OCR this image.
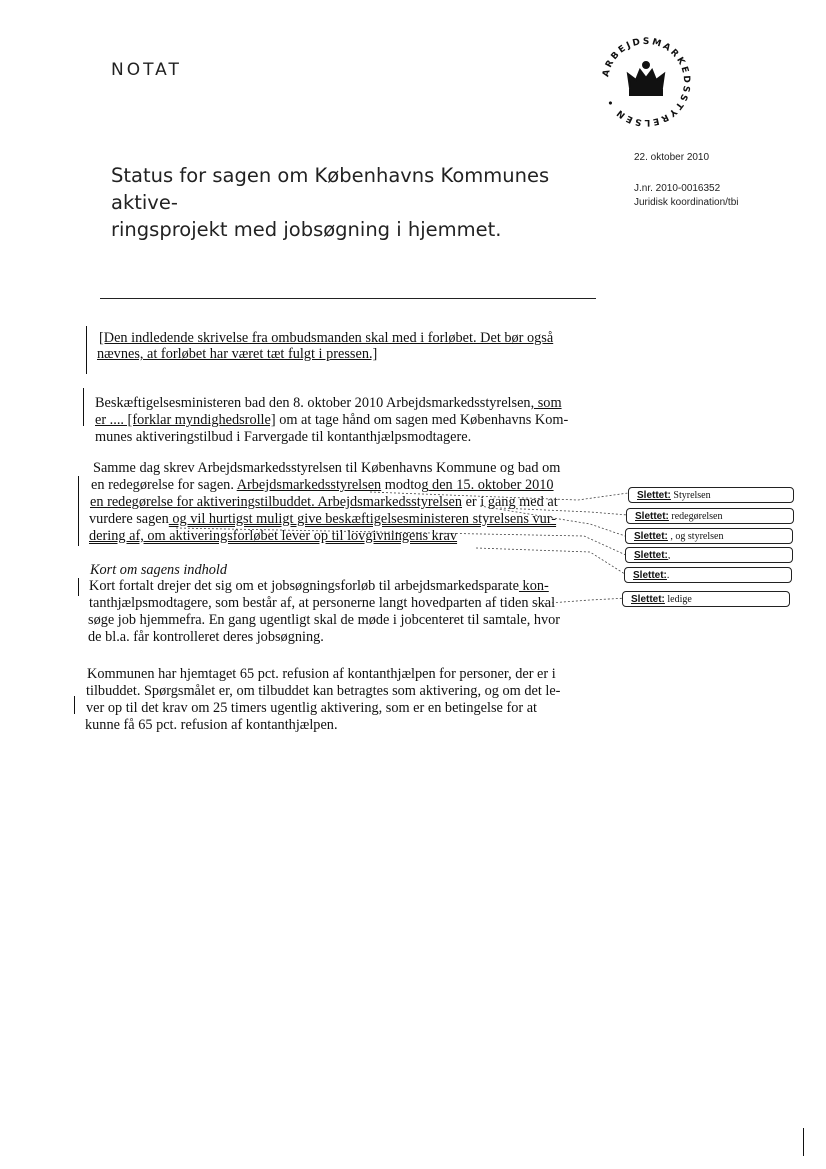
NOTAT	ARBEJDSMARKEDSSTYRELSEN •
22. oktober 2010
J.nr. 2010-0016352
Juridisk koordination/tbi
Status for sagen om Københavns Kommunes aktive-
ringsprojekt med jobsøgning i hjemmet.
[Den indledende skrivelse fra ombudsmanden skal med i forløbet. Det bør også
nævnes, at forløbet har været tæt fulgt i pressen.]
Beskæftigelsesministeren bad den 8. oktober 2010 Arbejdsmarkedsstyrelsen, som
er .... [forklar myndighedsrolle] om at tage hånd om sagen med Københavns Kom-
munes aktiveringstilbud i Farvergade til kontanthjælpsmodtagere.
Samme dag skrev Arbejdsmarkedsstyrelsen til Københavns Kommune og bad om
en redegørelse for sagen. Arbejdsmarkedsstyrelsen modtog den 15. oktober 2010
en redegørelse for aktiveringstilbuddet. Arbejdsmarkedsstyrelsen er i gang med at
vurdere sagen og vil hurtigst muligt give beskæftigelsesministeren styrelsens vur-
dering af, om aktiveringsforløbet lever op til lovgivningens krav
Kort om sagens indhold
Kort fortalt drejer det sig om et jobsøgningsforløb til arbejdsmarkedsparate kon-
tanthjælpsmodtagere, som består af, at personerne langt hovedparten af tiden skal
søge job hjemmefra. En gang ugentligt skal de møde i jobcenteret til samtale, hvor
de bl.a. får kontrolleret deres jobsøgning.
Kommunen har hjemtaget 65 pct. refusion af kontanthjælpen for personer, der er i
tilbuddet. Spørgsmålet er, om tilbuddet kan betragtes som aktivering, og om det le-
ver op til det krav om 25 timers ugentlig aktivering, som er en betingelse for at
kunne få 65 pct. refusion af kontanthjælpen.
Slettet: Styrelsen
Slettet: redegørelsen
Slettet: , og styrelsen
Slettet:,
Slettet:.
Slettet: ledige
